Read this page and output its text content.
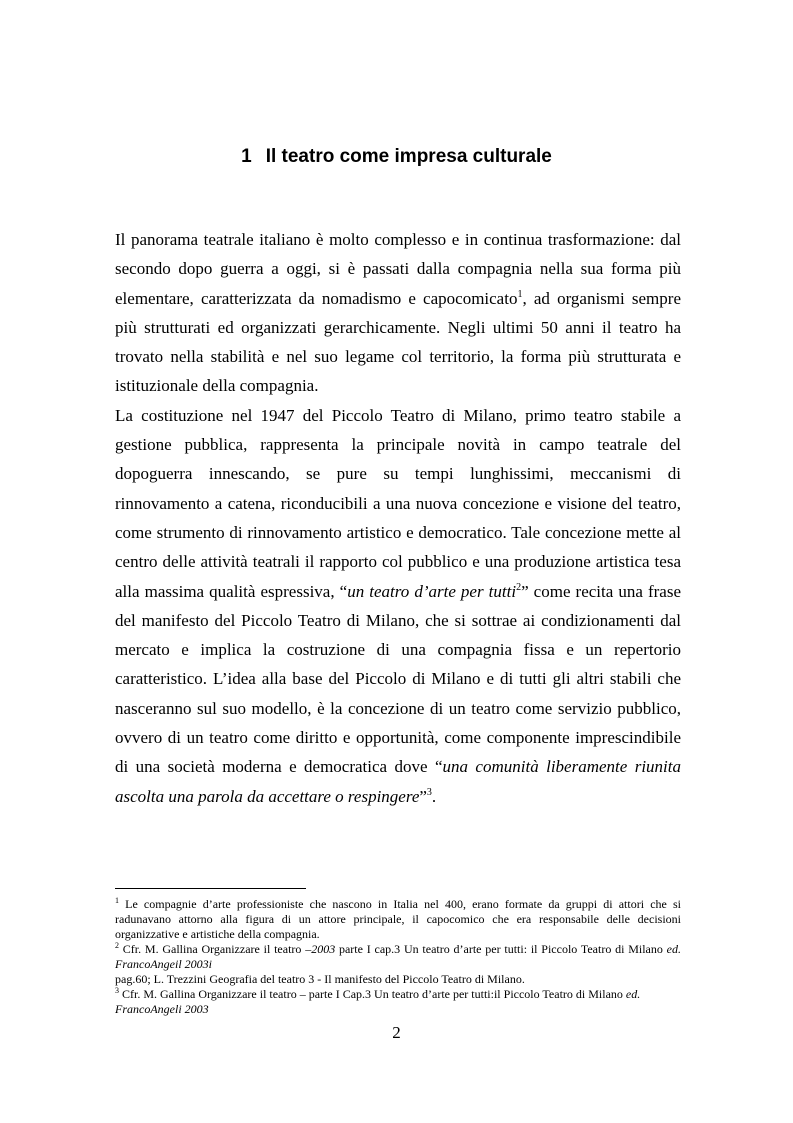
1 Il teatro come impresa culturale

Il panorama teatrale italiano è molto complesso e in continua trasformazione: dal secondo dopo guerra a oggi, si è passati dalla compagnia nella sua forma più elementare, caratterizzata da nomadismo e capocomicato$^1$, ad organismi sempre più strutturati ed organizzati gerarchicamente. Negli ultimi 50 anni il teatro ha trovato nella stabilità e nel suo legame col territorio, la forma più strutturata e istituzionale della compagnia.

La costituzione nel 1947 del Piccolo Teatro di Milano, primo teatro stabile a gestione pubblica, rappresenta la principale novità in campo teatrale del dopoguerra innescando, se pure su tempi lunghissimi, meccanismi di rinnovamento a catena, riconducibili a una nuova concezione e visione del teatro, come strumento di rinnovamento artistico e democratico. Tale concezione mette al centro delle attività teatrali il rapporto col pubblico e una produzione artistica tesa alla massima qualità espressiva, “un teatro d’arte per tutti$^2$” come recita una frase del manifesto del Piccolo Teatro di Milano, che si sottrae ai condizionamenti dal mercato e implica la costruzione di una compagnia fissa e un repertorio caratteristico. L’idea alla base del Piccolo di Milano e di tutti gli altri stabili che nasceranno sul suo modello, è la concezione di un teatro come servizio pubblico, ovvero di un teatro come diritto e opportunità, come componente imprescindibile di una società moderna e democratica dove “una comunità liberamente riunita ascolta una parola da accettare o respingere”$^3$.

$^1$ Le compagnie d’arte professioniste che nascono in Italia nel 400, erano formate da gruppi di attori che si radunavano attorno alla figura di un attore principale, il capocomico che era responsabile delle decisioni organizzative e artistiche della compagnia.

$^2$ Cfr. M. Gallina Organizzare il teatro –2003 parte I cap.3 Un teatro d’arte per tutti: il Piccolo Teatro di Milano ed. FrancoAngeil 2003i

pag.60; L. Trezzini Geografia del teatro 3 - Il manifesto del Piccolo Teatro di Milano.

$^3$ Cfr. M. Gallina Organizzare il teatro – parte I Cap.3 Un teatro d’arte per tutti:il Piccolo Teatro di Milano ed. FrancoAngeli 2003

2
